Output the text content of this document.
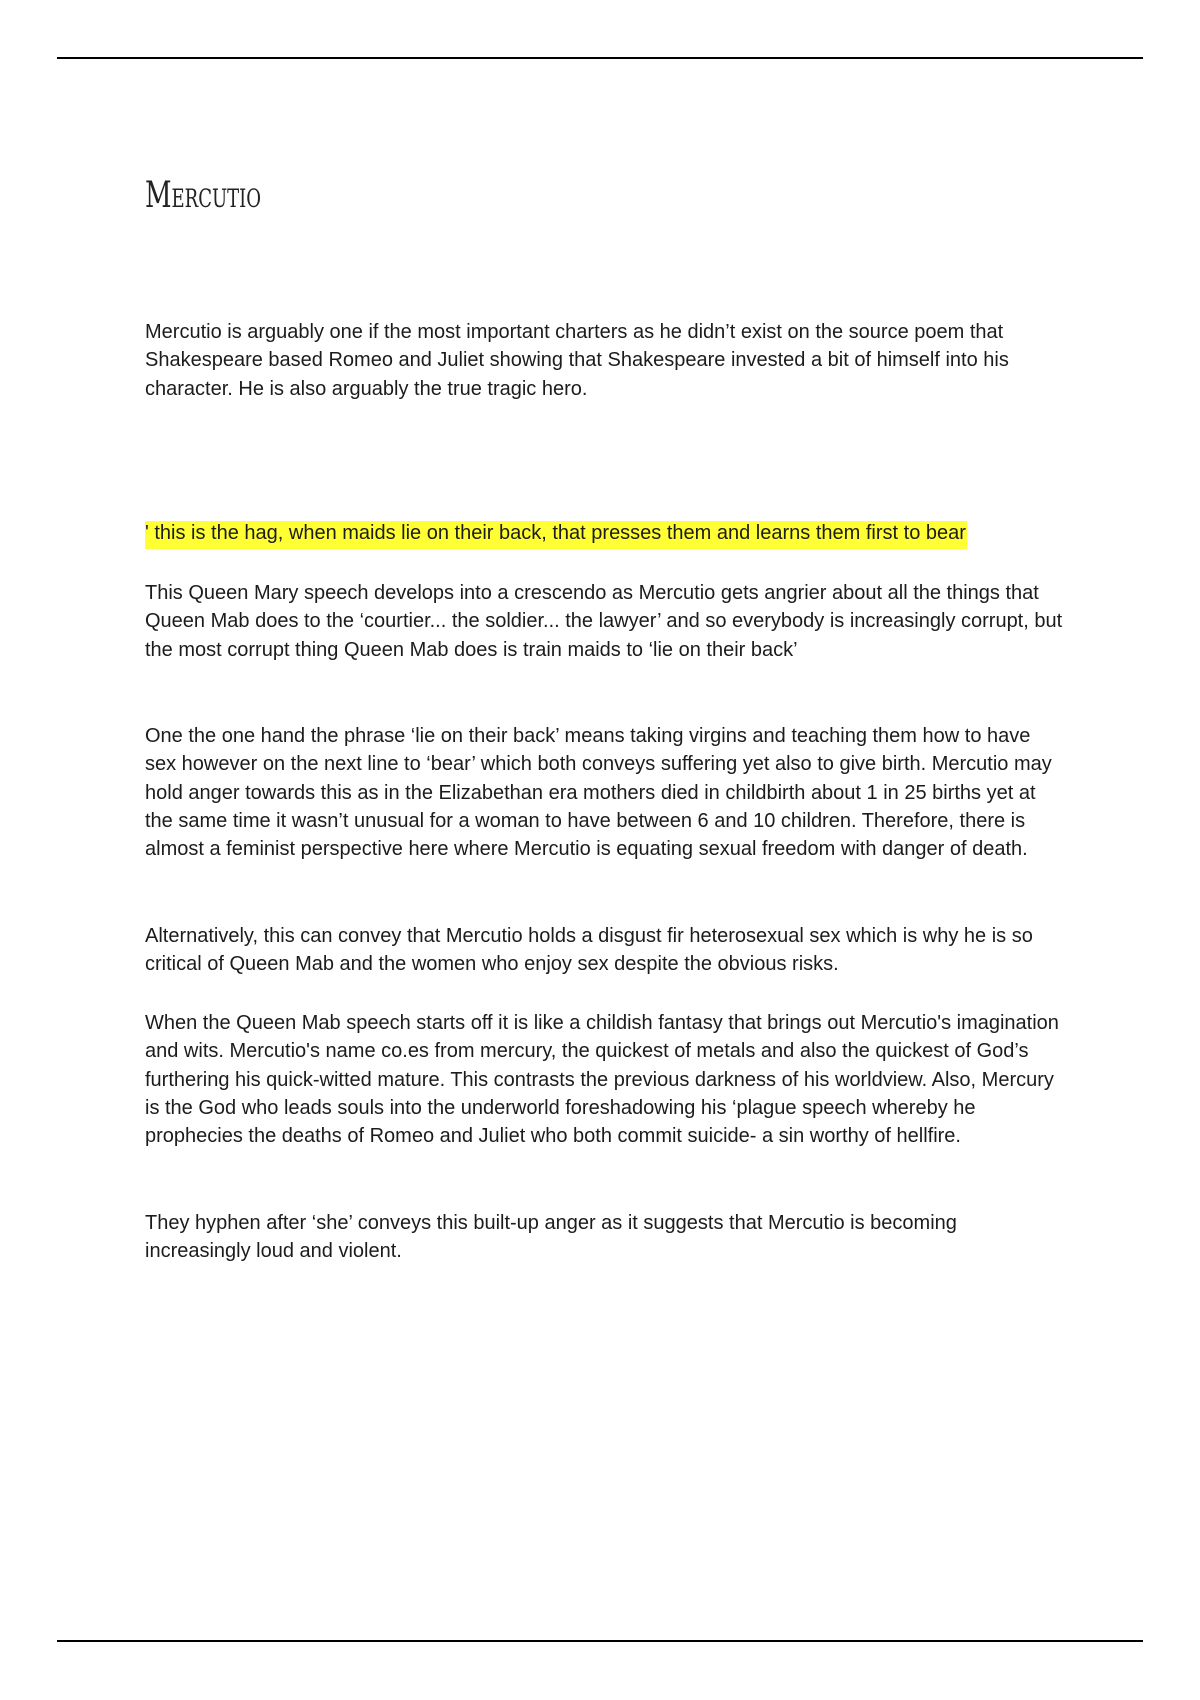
Mercutio

Mercutio is arguably one if the most important charters as he didn’t exist on the source poem that Shakespeare based Romeo and Juliet showing that Shakespeare invested a bit of himself into his character. He is also arguably the true tragic hero.

' this is the hag, when maids lie on their back, that presses them and learns them first to bear

This Queen Mary speech develops into a crescendo as Mercutio gets angrier about all the things that Queen Mab does to the ‘courtier... the soldier... the lawyer’ and so everybody is increasingly corrupt, but the most corrupt thing Queen Mab does is train maids to ‘lie on their back’

One the one hand the phrase ‘lie on their back’ means taking virgins and teaching them how to have sex however on the next line to ‘bear’ which both conveys suffering yet also to give birth. Mercutio may hold anger towards this as in the Elizabethan era mothers died in childbirth about 1 in 25 births yet at the same time it wasn’t unusual for a woman to have between 6 and 10 children. Therefore, there is almost a feminist perspective here where Mercutio is equating sexual freedom with danger of death.

Alternatively, this can convey that Mercutio holds a disgust fir heterosexual sex which is why he is so critical of Queen Mab and the women who enjoy sex despite the obvious risks.

When the Queen Mab speech starts off it is like a childish fantasy that brings out Mercutio's imagination and wits. Mercutio's name co.es from mercury, the quickest of metals and also the quickest of God’s furthering his quick-witted mature. This contrasts the previous darkness of his worldview. Also, Mercury is the God who leads souls into the underworld foreshadowing his ‘plague speech whereby he prophecies the deaths of Romeo and Juliet who both commit suicide- a sin worthy of hellfire.

They hyphen after ‘she’ conveys this built-up anger as it suggests that Mercutio is becoming increasingly loud and violent.
